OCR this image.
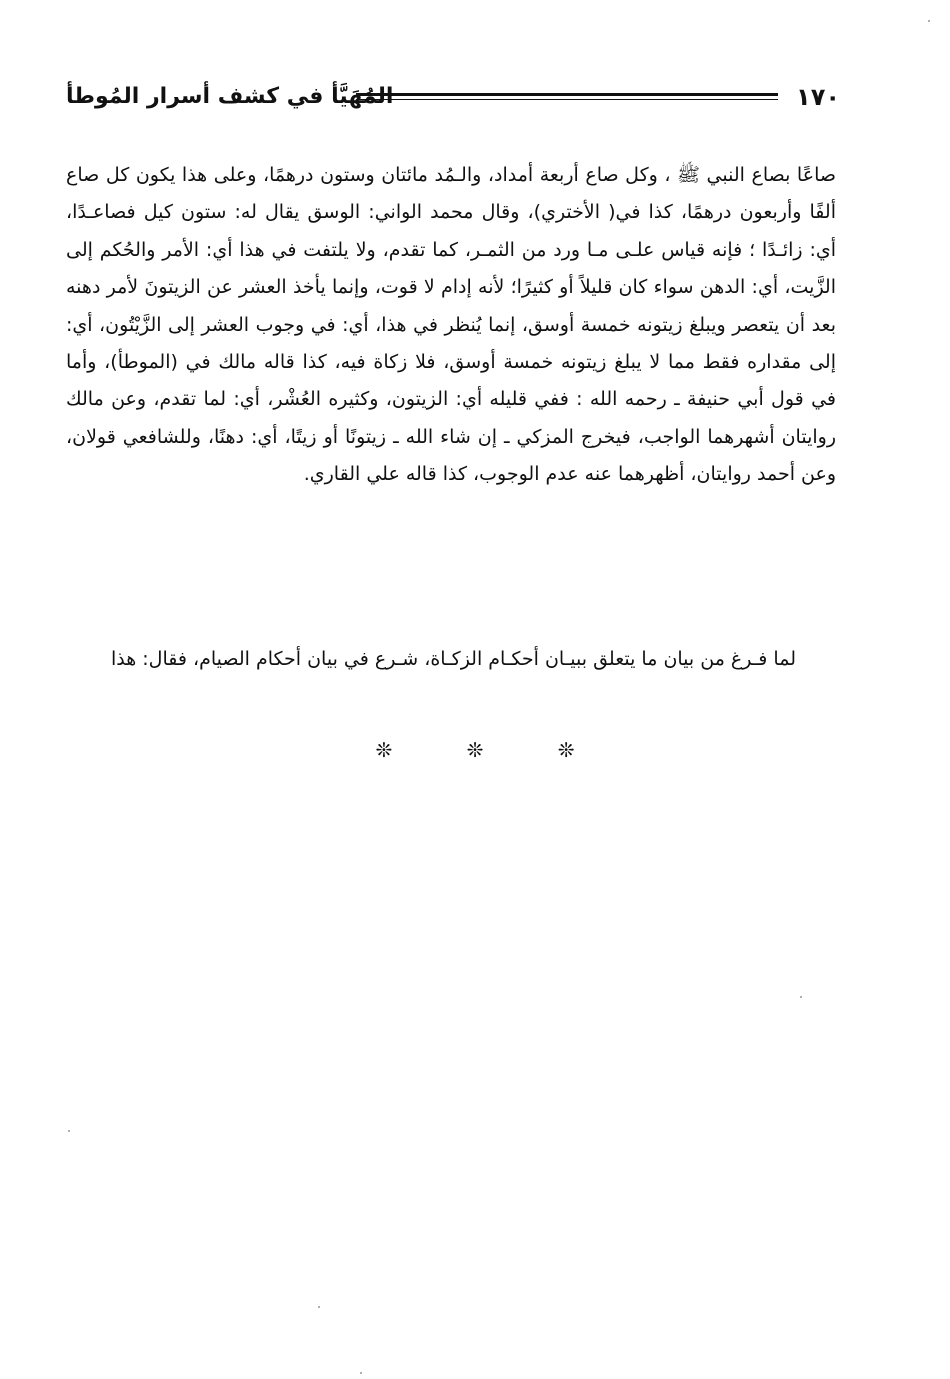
١٧٠
المُهَيَّأ في كشف أسرار المُوطأ

صاعًا بصاع النبي ﷺ ، وكل صاع أربعة أمداد، والـمُد مائتان وستون درهمًا، وعلى هذا يكون كل صاع ألفًا وأربعون درهمًا، كذا في( الأختري)، وقال محمد الواني: الوسق يقال له: ستون كيل فصاعـدًا، أي: زائـدًا ؛ فإنه قياس علـى مـا ورد من الثمـر، كما تقدم، ولا يلتفت في هذا أي: الأمر والحُكم إلى الزَّيت، أي: الدهن سواء كان قليلاً أو كثيرًا؛ لأنه إدام لا قوت، وإنما يأخذ العشر عن الزيتونَ لأمر دهنه بعد أن يتعصر ويبلغ زيتونه خمسة أوسق، إنما يُنظر في هذا، أي: في وجوب العشر إلى الزَّيْتُون، أي: إلى مقداره فقط مما لا يبلغ زيتونه خمسة أوسق، فلا زكاة فيه، كذا قاله مالك في (الموطأ)، وأما في قول أبي حنيفة ـ رحمه الله : ففي قليله أي: الزيتون، وكثيره العُشْر، أي: لما تقدم، وعن مالك روايتان أشهرهما الواجب، فيخرج المزكي ـ إن شاء الله ـ زيتونًا أو زيتًا، أي: دهنًا، وللشافعي قولان، وعن أحمد روايتان، أظهرهما عنه عدم الوجوب، كذا قاله علي القاري.

لما فـرغ من بيان ما يتعلق ببيـان أحكـام الزكـاة، شـرع في بيان أحكام الصيام، فقال: هذا
❊	❊	❊
